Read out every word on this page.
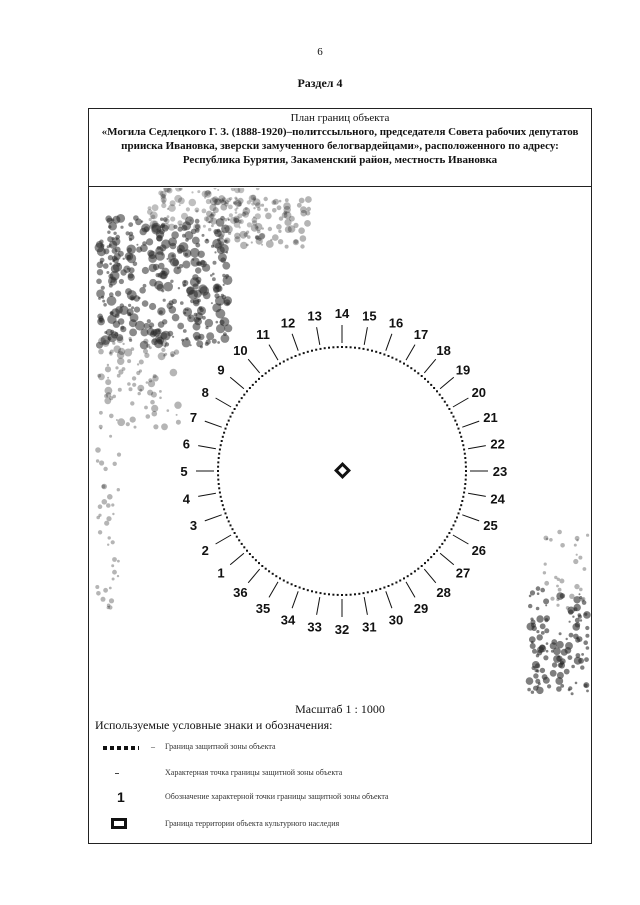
6
Раздел 4
План границ объекта
«Могила Седлецкого Г. З. (1888-1920)–политссыльного, председателя Совета рабочих депутатов прииска Ивановка, зверски замученного белогвардейцами», расположенного по адресу: Республика Бурятия, Закаменский район, местность Ивановка
1
2
3
4
5
6
7
8
9
10
11
12 13 14 15 16
17
18
19
20
21
22
23
24
25
26
27
28
29
30
31
32
33
34
35
36
Масштаб 1 : 1000
Используемые условные знаки и обозначения:
– Граница защитной зоны объекта
Характерная точка границы защитной зоны объекта
1	Обозначение характерной точки границы защитной зоны объекта
Граница территории объекта культурного наследия
